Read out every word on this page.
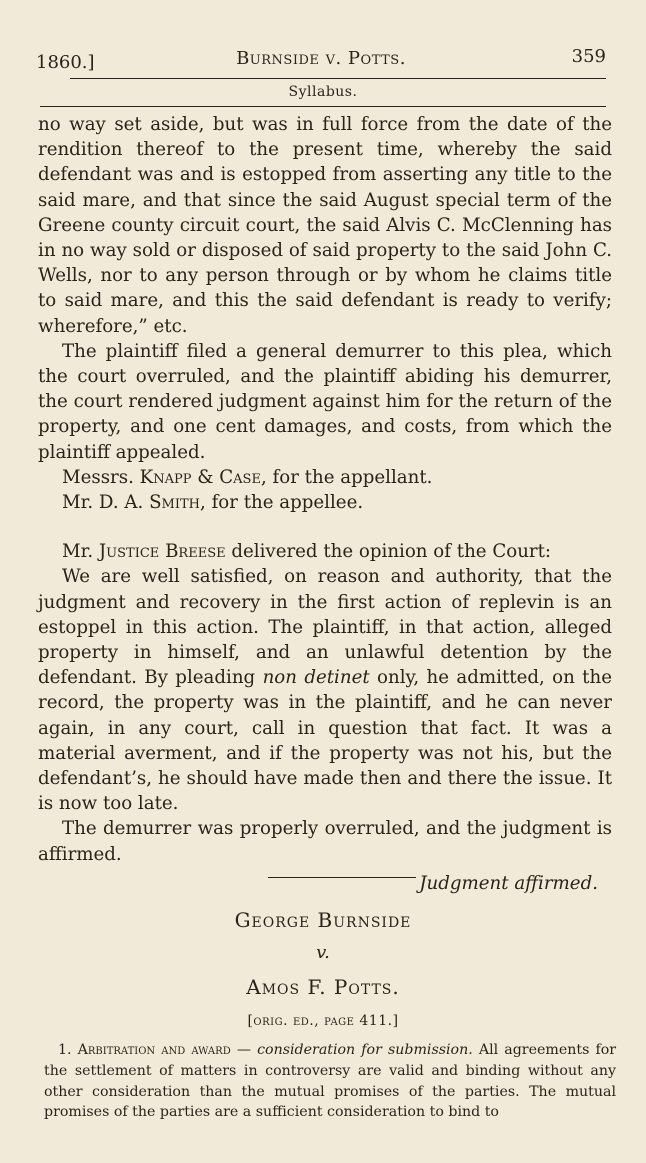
1860.]	Burnside v. Potts.	359
Syllabus.

no way set aside, but was in full force from the date of the rendition thereof to the present time, whereby the said defendant was and is estopped from asserting any title to the said mare, and that since the said August special term of the Greene county circuit court, the said Alvis C. McClenning has in no way sold or disposed of said property to the said John C. Wells, nor to any person through or by whom he claims title to said mare, and this the said defendant is ready to verify; wherefore,” etc.

The plaintiff filed a general demurrer to this plea, which the court overruled, and the plaintiff abiding his demurrer, the court rendered judgment against him for the return of the property, and one cent damages, and costs, from which the plaintiff appealed.

Messrs. Knapp & Case, for the appellant.

Mr. D. A. Smith, for the appellee.

Mr. Justice Breese delivered the opinion of the Court:

We are well satisfied, on reason and authority, that the judgment and recovery in the first action of replevin is an estoppel in this action. The plaintiff, in that action, alleged property in himself, and an unlawful detention by the defendant. By pleading non detinet only, he admitted, on the record, the property was in the plaintiff, and he can never again, in any court, call in question that fact. It was a material averment, and if the property was not his, but the defendant’s, he should have made then and there the issue. It is now too late.

The demurrer was properly overruled, and the judgment is affirmed.

Judgment affirmed.

George Burnside
v.
Amos F. Potts.
[orig. ed., page 411.]

1. Arbitration and award — consideration for submission. All agreements for the settlement of matters in controversy are valid and binding without any other consideration than the mutual promises of the parties. The mutual promises of the parties are a sufficient consideration to bind to
